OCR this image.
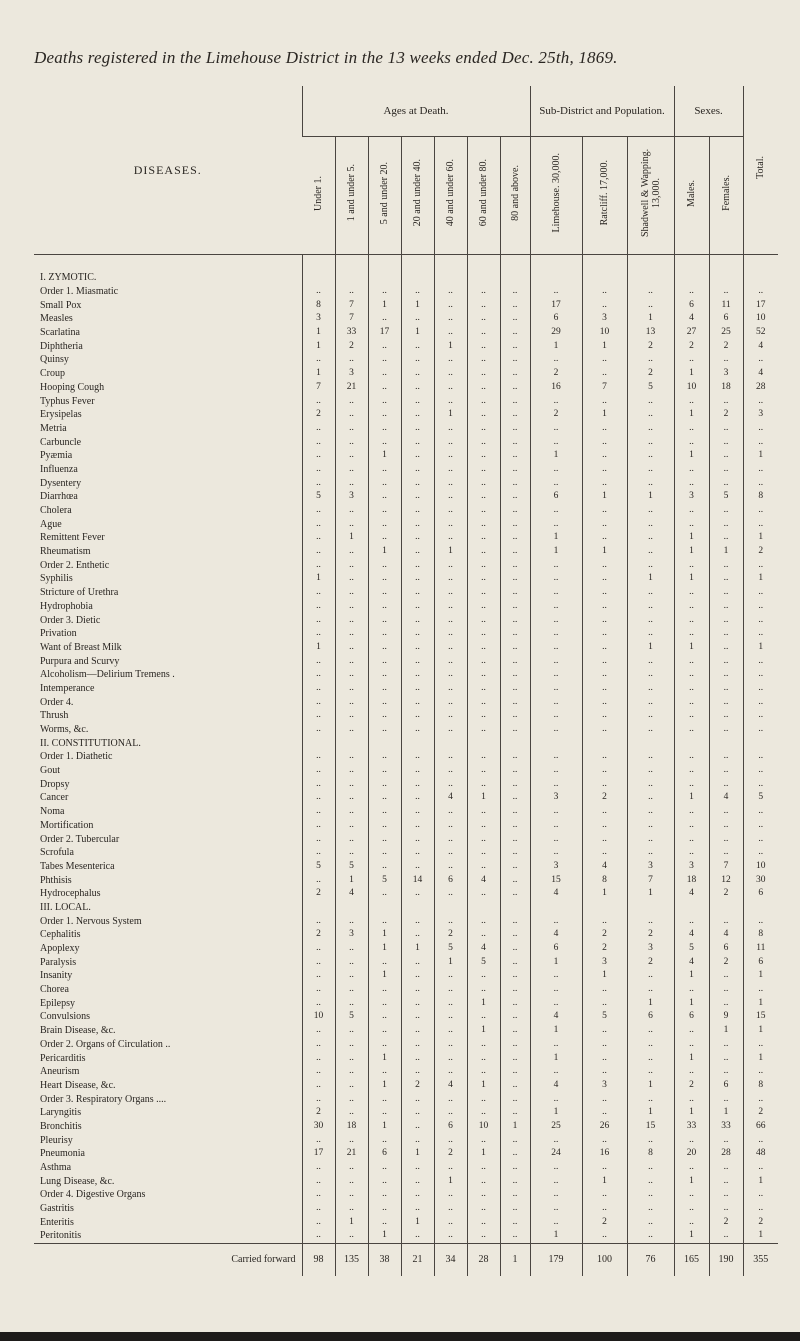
Deaths registered in the Limehouse District in the 13 weeks ended Dec. 25th, 1869.
DISEASES.	Ages at Death.							Sub-District and Population.			Sexes.		Total.
	Under 1.	1 and under 5.	5 and under 20.	20 and under 40.	40 and under 60.	60 and under 80.	80 and above.	Limehouse. 30,000.	Ratcliff. 17,000.	Shadwell & Wapping. 13,000.	Males.	Females.	

I. ZYMOTIC.													
Order 1. Miasmatic	..	..	..	..	..	..	..	..	..	..	..	..	..
Small Pox	8	7	1	1	..	..	..	17	..	..	6	11	17
Measles	3	7	..	..	..	..	..	6	3	1	4	6	10
Scarlatina	1	33	17	1	..	..	..	29	10	13	27	25	52
Diphtheria	1	2	..	..	1	..	..	1	1	2	2	2	4
Quinsy	..	..	..	..	..	..	..	..	..	..	..	..	..
Croup	1	3	..	..	..	..	..	2	..	2	1	3	4
Hooping Cough	7	21	..	..	..	..	..	16	7	5	10	18	28
Typhus Fever	..	..	..	..	..	..	..	..	..	..	..	..	..
Erysipelas	2	..	..	..	1	..	..	2	1	..	1	2	3
Metria	..	..	..	..	..	..	..	..	..	..	..	..	..
Carbuncle	..	..	..	..	..	..	..	..	..	..	..	..	..
Pyæmia	..	..	1	..	..	..	..	1	..	..	1	..	1
Influenza	..	..	..	..	..	..	..	..	..	..	..	..	..
Dysentery	..	..	..	..	..	..	..	..	..	..	..	..	..
Diarrhœa	5	3	..	..	..	..	..	6	1	1	3	5	8
Cholera	..	..	..	..	..	..	..	..	..	..	..	..	..
Ague	..	..	..	..	..	..	..	..	..	..	..	..	..
Remittent Fever	..	1	..	..	..	..	..	1	..	..	1	..	1
Rheumatism	..	..	1	..	1	..	..	1	1	..	1	1	2
Order 2. Enthetic	..	..	..	..	..	..	..	..	..	..	..	..	..
Syphilis	1	..	..	..	..	..	..	..	..	1	1	..	1
Stricture of Urethra	..	..	..	..	..	..	..	..	..	..	..	..	..
Hydrophobia	..	..	..	..	..	..	..	..	..	..	..	..	..
Order 3. Dietic	..	..	..	..	..	..	..	..	..	..	..	..	..
Privation	..	..	..	..	..	..	..	..	..	..	..	..	..
Want of Breast Milk	1	..	..	..	..	..	..	..	..	1	1	..	1
Purpura and Scurvy	..	..	..	..	..	..	..	..	..	..	..	..	..
Alcoholism—Delirium Tremens .	..	..	..	..	..	..	..	..	..	..	..	..	..
Intemperance	..	..	..	..	..	..	..	..	..	..	..	..	..
Order 4.	..	..	..	..	..	..	..	..	..	..	..	..	..
Thrush	..	..	..	..	..	..	..	..	..	..	..	..	..
Worms, &c.	..	..	..	..	..	..	..	..	..	..	..	..	..
II. CONSTITUTIONAL.													
Order 1. Diathetic	..	..	..	..	..	..	..	..	..	..	..	..	..
Gout	..	..	..	..	..	..	..	..	..	..	..	..	..
Dropsy	..	..	..	..	..	..	..	..	..	..	..	..	..
Cancer	..	..	..	..	4	1	..	3	2	..	1	4	5
Noma	..	..	..	..	..	..	..	..	..	..	..	..	..
Mortification	..	..	..	..	..	..	..	..	..	..	..	..	..
Order 2. Tubercular	..	..	..	..	..	..	..	..	..	..	..	..	..
Scrofula	..	..	..	..	..	..	..	..	..	..	..	..	..
Tabes Mesenterica	5	5	..	..	..	..	..	3	4	3	3	7	10
Phthisis	..	1	5	14	6	4	..	15	8	7	18	12	30
Hydrocephalus	2	4	..	..	..	..	..	4	1	1	4	2	6
III. LOCAL.													
Order 1. Nervous System	..	..	..	..	..	..	..	..	..	..	..	..	..
Cephalitis	2	3	1	..	2	..	..	4	2	2	4	4	8
Apoplexy	..	..	1	1	5	4	..	6	2	3	5	6	11
Paralysis	..	..	..	..	1	5	..	1	3	2	4	2	6
Insanity	..	..	1	..	..	..	..	..	1	..	1	..	1
Chorea	..	..	..	..	..	..	..	..	..	..	..	..	..
Epilepsy	..	..	..	..	..	1	..	..	..	1	1	..	1
Convulsions	10	5	..	..	..	..	..	4	5	6	6	9	15
Brain Disease, &c.	..	..	..	..	..	1	..	1	..	..	..	1	1
Order 2. Organs of Circulation ..	..	..	..	..	..	..	..	..	..	..	..	..	..
Pericarditis	..	..	1	..	..	..	..	1	..	..	1	..	1
Aneurism	..	..	..	..	..	..	..	..	..	..	..	..	..
Heart Disease, &c.	..	..	1	2	4	1	..	4	3	1	2	6	8
Order 3. Respiratory Organs ....	..	..	..	..	..	..	..	..	..	..	..	..	..
Laryngitis	2	..	..	..	..	..	..	1	..	1	1	1	2
Bronchitis	30	18	1	..	6	10	1	25	26	15	33	33	66
Pleurisy	..	..	..	..	..	..	..	..	..	..	..	..	..
Pneumonia	17	21	6	1	2	1	..	24	16	8	20	28	48
Asthma	..	..	..	..	..	..	..	..	..	..	..	..	..
Lung Disease, &c.	..	..	..	..	1	..	..	..	1	..	1	..	1
Order 4. Digestive Organs	..	..	..	..	..	..	..	..	..	..	..	..	..
Gastritis	..	..	..	..	..	..	..	..	..	..	..	..	..
Enteritis	..	1	..	1	..	..	..	..	2	..	..	2	2
Peritonitis	..	..	1	..	..	..	..	1	..	..	1	..	1
Carried forward	98	135	38	21	34	28	1	179	100	76	165	190	355
